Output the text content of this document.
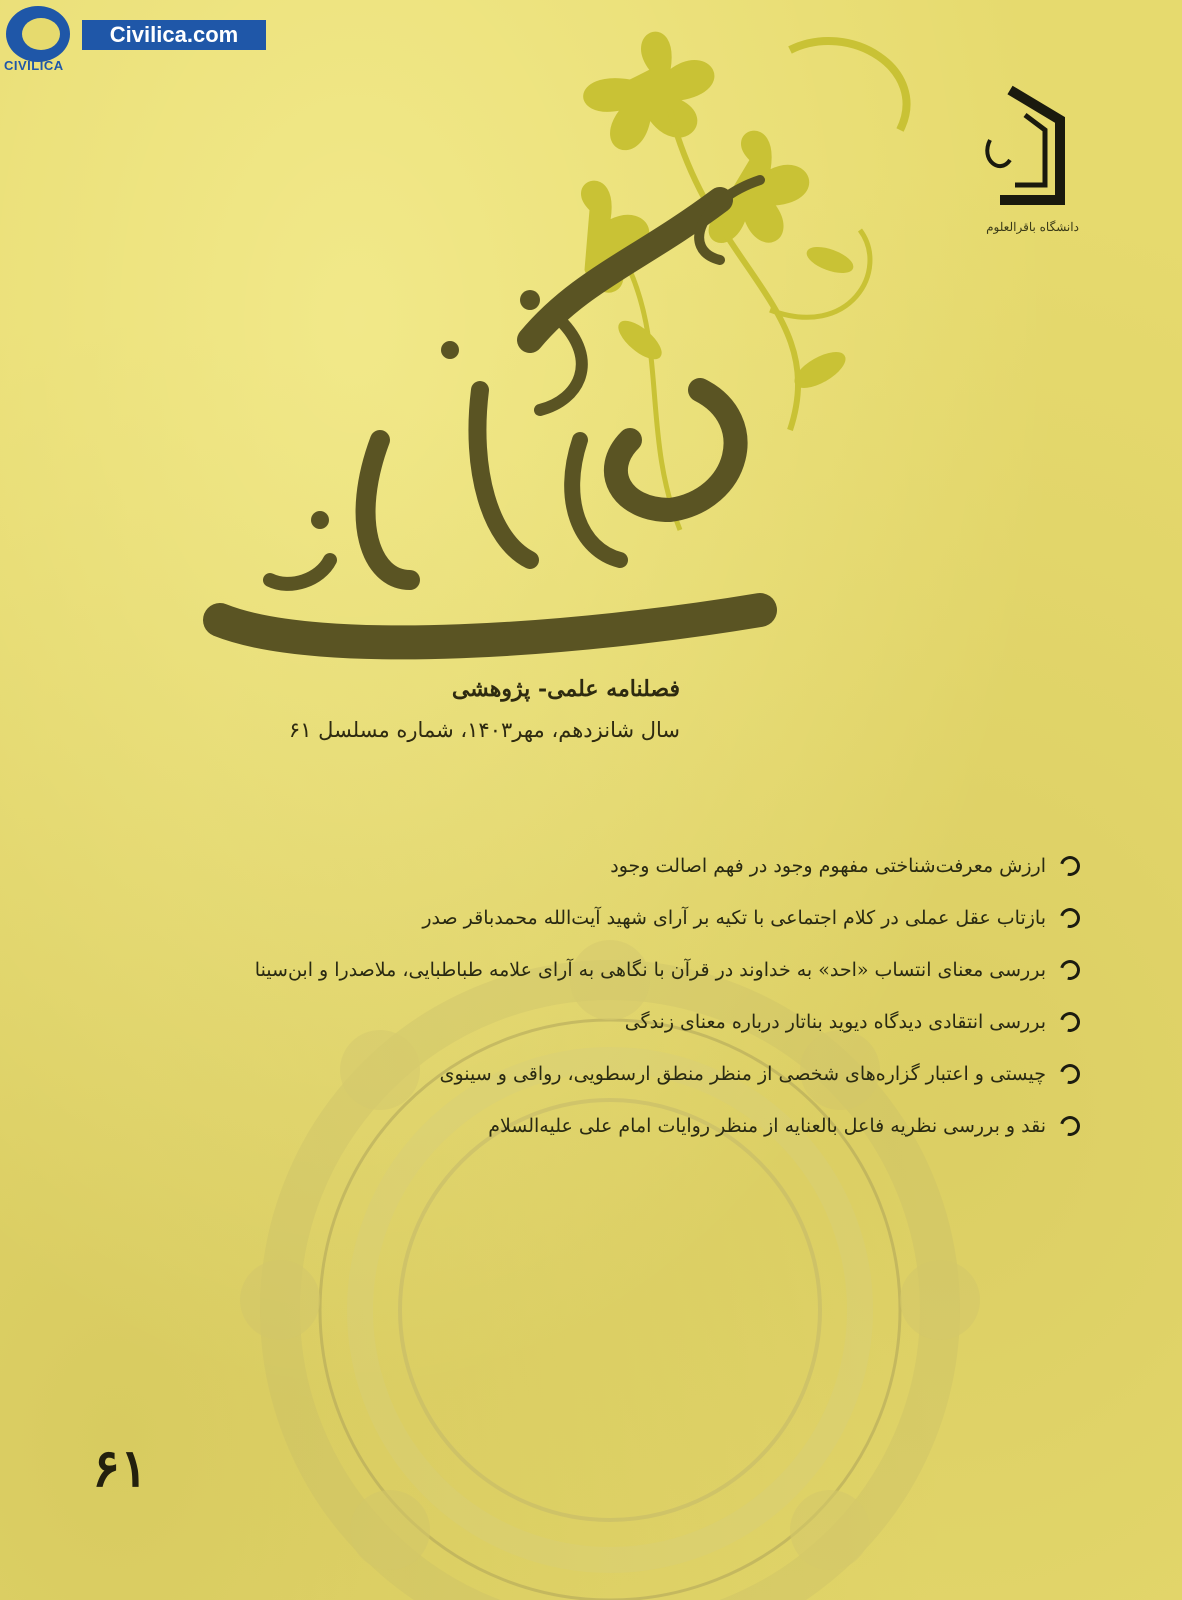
CIVILICA
Civilica.com
دانشگاه باقرالعلوم
فصلنامه علمی- پژوهشی
سال شانزدهم، مهر۱۴۰۳، شماره مسلسل ۶۱
ارزش معرفت‌شناختی مفهوم وجود در فهم اصالت وجود
بازتاب عقل عملی در کلام اجتماعی با تکیه بر آرای شهید آیت‌الله محمدباقر صدر
بررسی معنای انتساب «احد» به خداوند در قرآن با نگاهی به آرای علامه طباطبایی، ملاصدرا و ابن‌سینا
بررسی انتقادی دیدگاه دیوید بناتار درباره معنای زندگی
چیستی و اعتبار گزاره‌های شخصی از منظر منطق ارسطویی، رواقی و سینوی
نقد و بررسی نظریه فاعل بالعنایه از منظر روایات امام علی علیه‌السلام
۶۱
